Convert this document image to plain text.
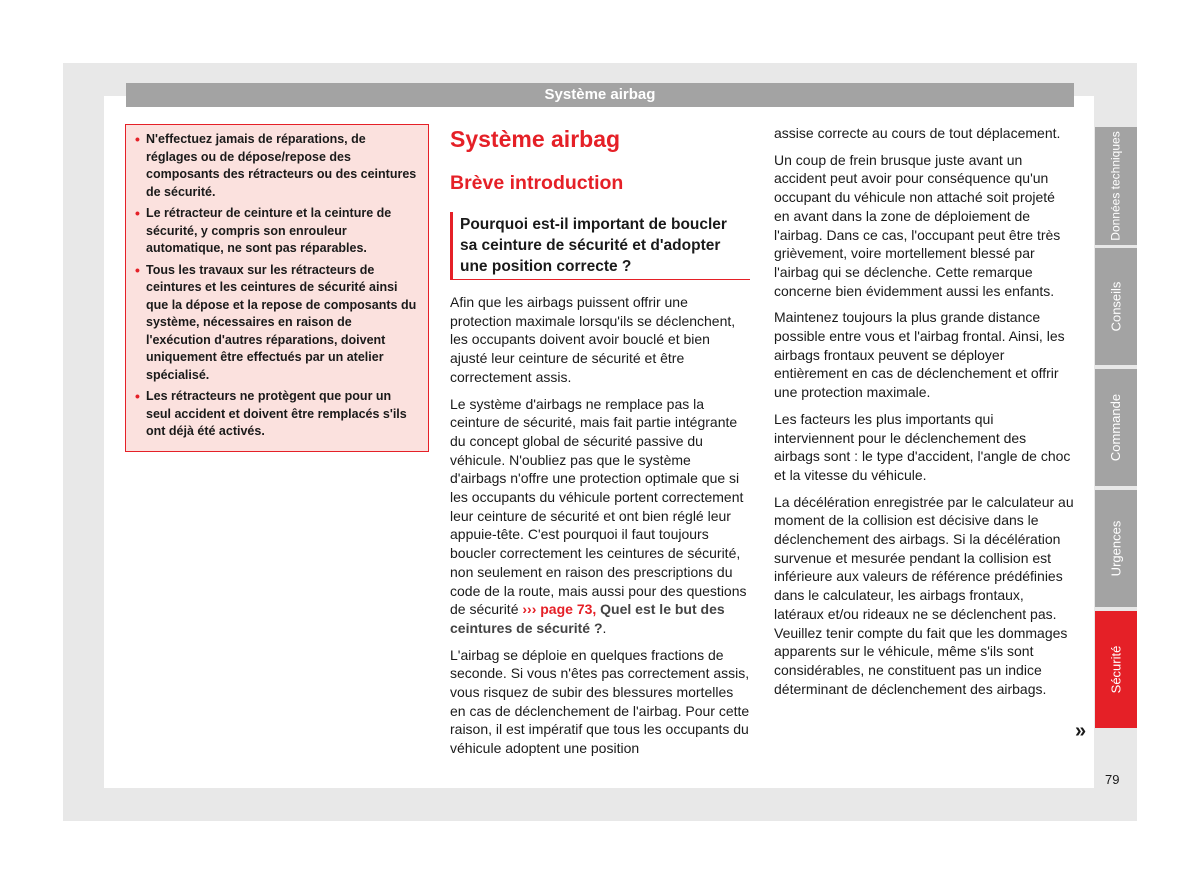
Système airbag
• N'effectuez jamais de réparations, de réglages ou de dépose/repose des composants des rétracteurs ou des ceintures de sécurité.
• Le rétracteur de ceinture et la ceinture de sécurité, y compris son enrouleur automatique, ne sont pas réparables.
• Tous les travaux sur les rétracteurs de ceintures et les ceintures de sécurité ainsi que la dépose et la repose de composants du système, nécessaires en raison de l'exécution d'autres réparations, doivent uniquement être effectués par un atelier spécialisé.
• Les rétracteurs ne protègent que pour un seul accident et doivent être remplacés s'ils ont déjà été activés.
Système airbag
Brève introduction
Pourquoi est-il important de boucler sa ceinture de sécurité et d'adopter une position correcte ?

Afin que les airbags puissent offrir une protection maximale lorsqu'ils se déclenchent, les occupants doivent avoir bouclé et bien ajusté leur ceinture de sécurité et être correctement assis.

Le système d'airbags ne remplace pas la ceinture de sécurité, mais fait partie intégrante du concept global de sécurité passive du véhicule. N'oubliez pas que le système d'airbags n'offre une protection optimale que si les occupants du véhicule portent correctement leur ceinture de sécurité et ont bien réglé leur appuie-tête. C'est pourquoi il faut toujours boucler correctement les ceintures de sécurité, non seulement en raison des prescriptions du code de la route, mais aussi pour des questions de sécurité ››› page 73, Quel est le but des ceintures de sécurité ?.

L'airbag se déploie en quelques fractions de seconde. Si vous n'êtes pas correctement assis, vous risquez de subir des blessures mortelles en cas de déclenchement de l'airbag. Pour cette raison, il est impératif que tous les occupants du véhicule adoptent une position

assise correcte au cours de tout déplacement.

Un coup de frein brusque juste avant un accident peut avoir pour conséquence qu'un occupant du véhicule non attaché soit projeté en avant dans la zone de déploiement de l'airbag. Dans ce cas, l'occupant peut être très grièvement, voire mortellement blessé par l'airbag qui se déclenche. Cette remarque concerne bien évidemment aussi les enfants.

Maintenez toujours la plus grande distance possible entre vous et l'airbag frontal. Ainsi, les airbags frontaux peuvent se déployer entièrement en cas de déclenchement et offrir une protection maximale.

Les facteurs les plus importants qui interviennent pour le déclenchement des airbags sont : le type d'accident, l'angle de choc et la vitesse du véhicule.

La décélération enregistrée par le calculateur au moment de la collision est décisive dans le déclenchement des airbags. Si la décélération survenue et mesurée pendant la collision est inférieure aux valeurs de référence prédéfinies dans le calculateur, les airbags frontaux, latéraux et/ou rideaux ne se déclenchent pas. Veuillez tenir compte du fait que les dommages apparents sur le véhicule, même s'ils sont considérables, ne constituent pas un indice déterminant de déclenchement des airbags.

»
Données techniques
Conseils
Commande
Urgences
Sécurité
79
